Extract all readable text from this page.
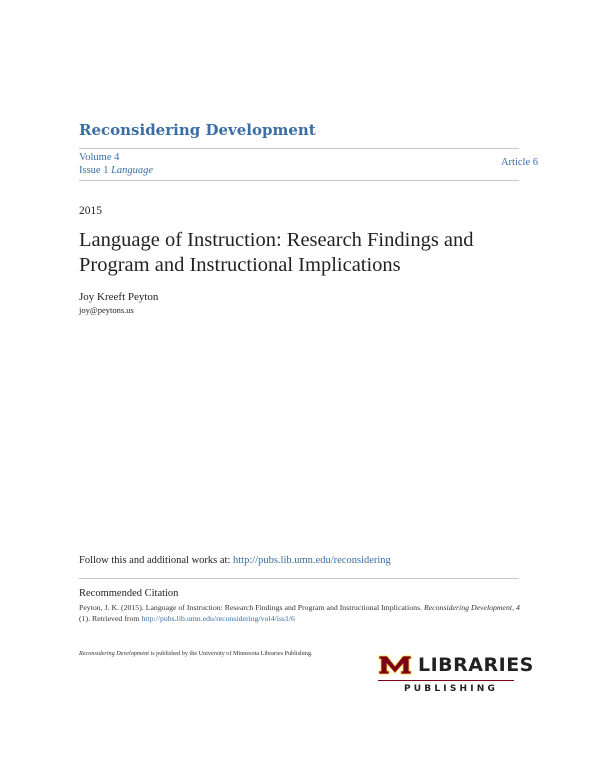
Reconsidering Development
Volume 4
Issue 1 Language
Article 6
2015
Language of Instruction: Research Findings and
Program and Instructional Implications
Joy Kreeft Peyton
joy@peytons.us
Follow this and additional works at: http://pubs.lib.umn.edu/reconsidering
Recommended Citation
Peyton, J. K. (2015). Language of Instruction: Research Findings and Program and Instructional Implications. Reconsidering Development, 4 (1). Retrieved from http://pubs.lib.umn.edu/reconsidering/vol4/iss1/6
Reconsidering Development is published by the University of Minnesota Libraries Publishing.
LIBRARIES
PUBLISHING
